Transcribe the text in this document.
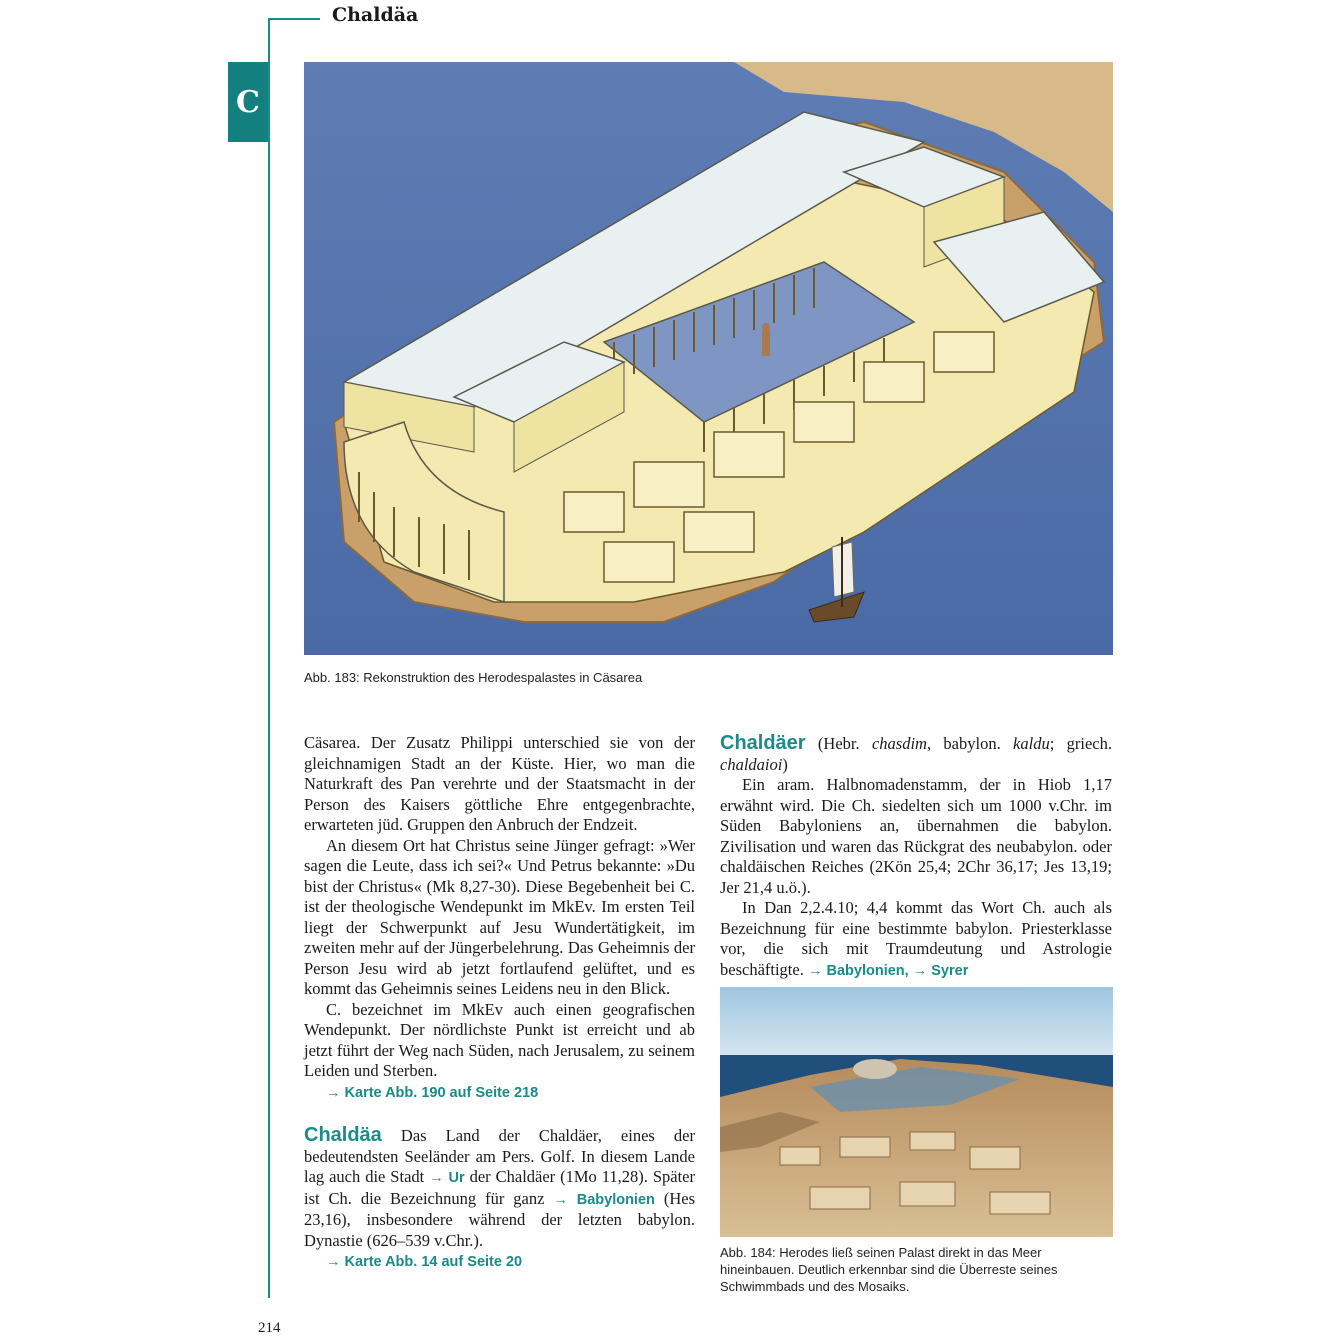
Chaldäa
C
Abb. 183: Rekonstruktion des Herodespalastes in Cäsarea

Cäsarea. Der Zusatz Philippi unterschied sie von der gleichnamigen Stadt an der Küste. Hier, wo man die Naturkraft des Pan verehrte und der Staatsmacht in der Person des Kaisers göttliche Ehre entgegenbrachte, erwarteten jüd. Gruppen den Anbruch der Endzeit.

An diesem Ort hat Christus seine Jünger gefragt: »Wer sagen die Leute, dass ich sei?« Und Petrus bekannte: »Du bist der Christus« (Mk 8,27-30). Diese Begebenheit bei C. ist der theologische Wendepunkt im MkEv. Im ersten Teil liegt der Schwerpunkt auf Jesu Wundertätigkeit, im zweiten mehr auf der Jüngerbelehrung. Das Geheimnis der Person Jesu wird ab jetzt fortlaufend gelüftet, und es kommt das Geheimnis seines Leidens neu in den Blick.

C. bezeichnet im MkEv auch einen geografischen Wendepunkt. Der nördlichste Punkt ist erreicht und ab jetzt führt der Weg nach Süden, nach Jerusalem, zu seinem Leiden und Sterben.

→ Karte Abb. 190 auf Seite 218

Chaldäa Das Land der Chaldäer, eines der bedeutendsten Seeländer am Pers. Golf. In diesem Lande lag auch die Stadt → Ur der Chaldäer (1Mo 11,28). Später ist Ch. die Bezeichnung für ganz → Babylonien (Hes 23,16), insbesondere während der letzten babylon. Dynastie (626–539 v.Chr.).

→ Karte Abb. 14 auf Seite 20

Chaldäer (Hebr. chasdim, babylon. kaldu; griech. chaldaioi)

Ein aram. Halbnomadenstamm, der in Hiob 1,17 erwähnt wird. Die Ch. siedelten sich um 1000 v.Chr. im Süden Babyloniens an, übernahmen die babylon. Zivilisation und waren das Rückgrat des neubabylon. oder chaldäischen Reiches (2Kön 25,4; 2Chr 36,17; Jes 13,19; Jer 21,4 u.ö.).

In Dan 2,2.4.10; 4,4 kommt das Wort Ch. auch als Bezeichnung für eine bestimmte babylon. Priesterklasse vor, die sich mit Traumdeutung und Astrologie beschäftigte. → Babylonien, → Syrer

Abb. 184: Herodes ließ seinen Palast direkt in das Meer hineinbauen. Deutlich erkennbar sind die Überreste seines Schwimmbads und des Mosaiks.
214
